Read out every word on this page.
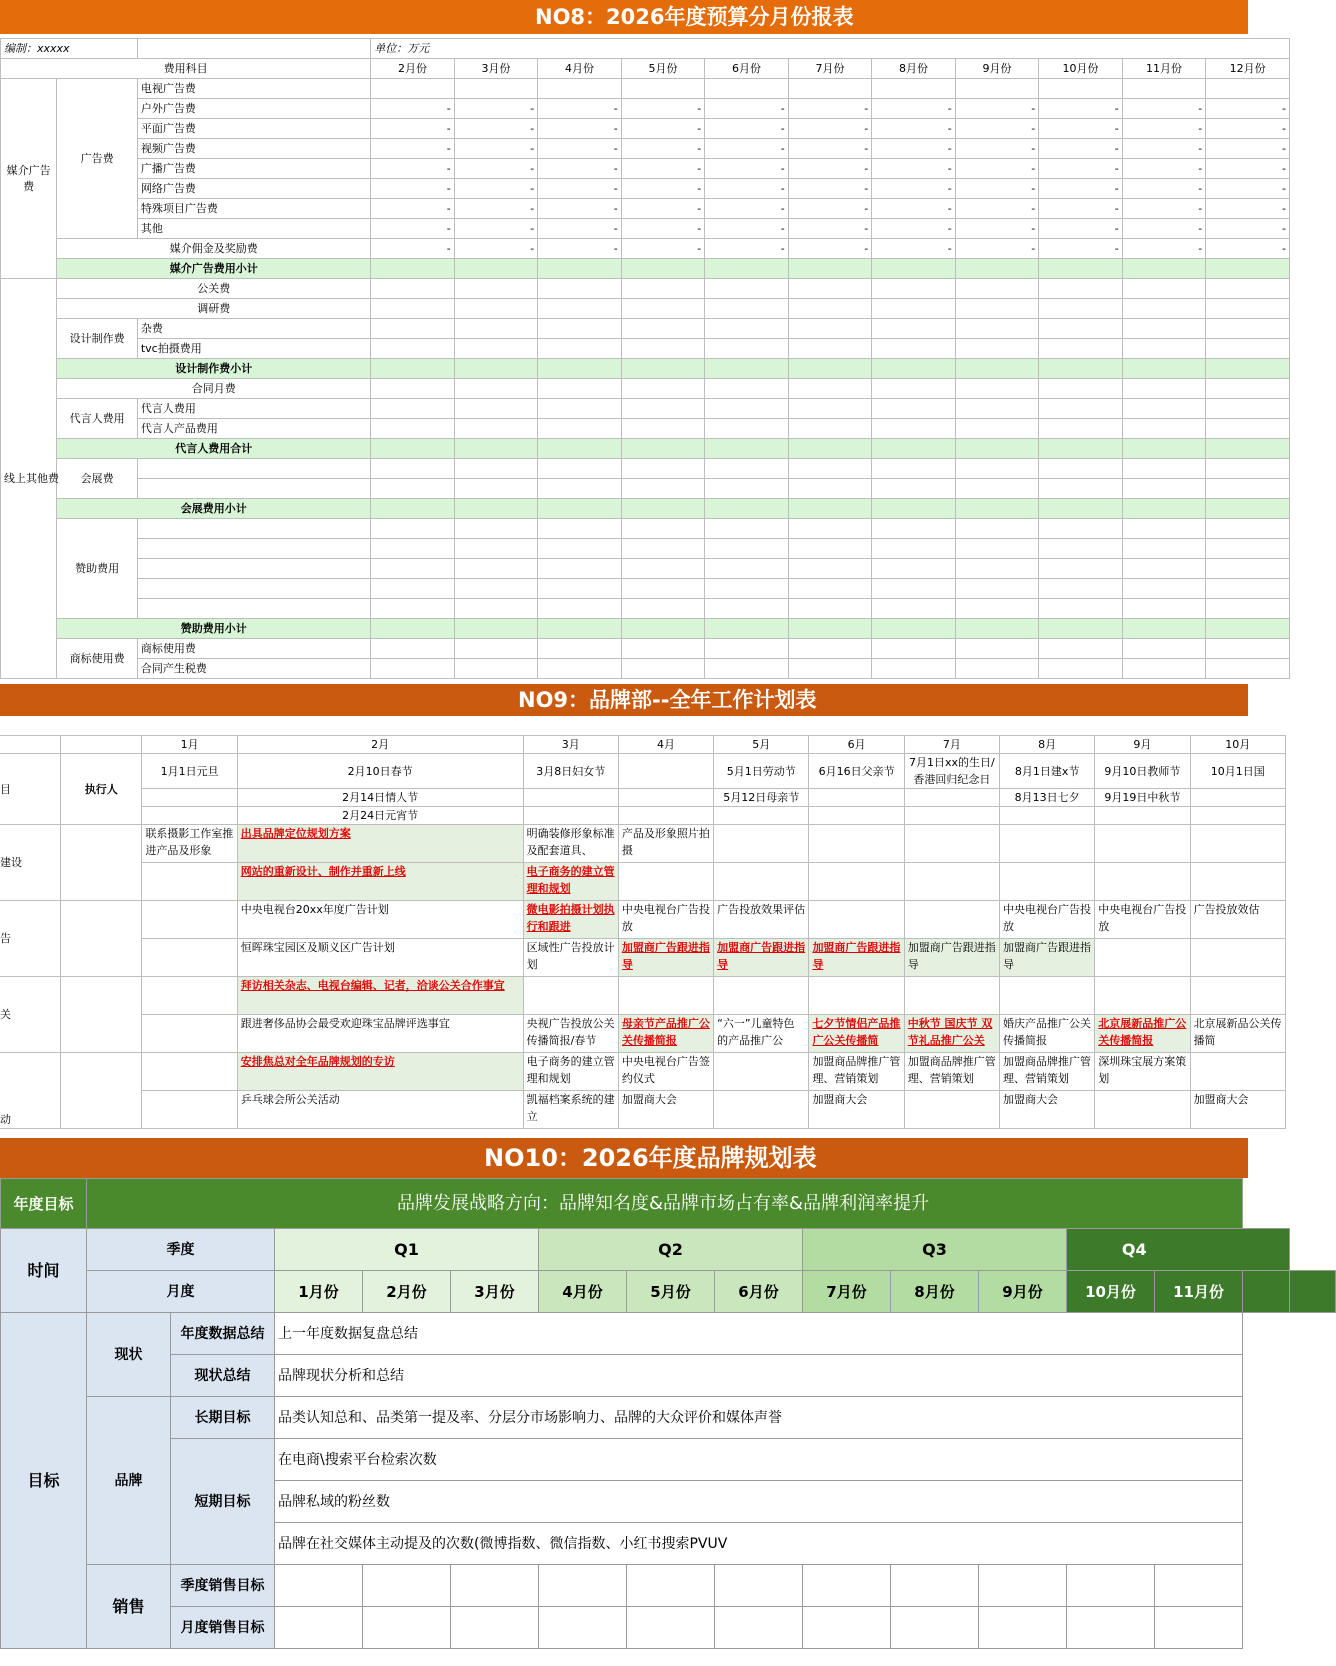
NO8：2026年度预算分月份报表
编制：xxxxx			单位：万元										
费用科目			2月份	3月份	4月份	5月份	6月份	7月份	8月份	9月份	10月份	11月份	12月份
媒介广告费	广告费	电视广告费											
		户外广告费	-	-	-	-	-	-	-	-	-	-	-
		平面广告费	-	-	-	-	-	-	-	-	-	-	-
		视频广告费	-	-	-	-	-	-	-	-	-	-	-
		广播广告费	-	-	-	-	-	-	-	-	-	-	-
		网络广告费	-	-	-	-	-	-	-	-	-	-	-
		特殊项目广告费	-	-	-	-	-	-	-	-	-	-	-
		其他	-	-	-	-	-	-	-	-	-	-	-
	媒介佣金及奖励费		-	-	-	-	-	-	-	-	-	-	-
	媒介广告费用小计												
线上其他费	公关费												
	调研费												
	设计制作费	杂费											
		tvc拍摄费用											
	设计制作费小计												
	合同月费												
	代言人费用	代言人费用											
		代言人产品费用											
	代言人费用合计												
	会展费												

	会展费用小计												
	赞助费用												

	赞助费用小计												
	商标使用费	商标使用费											
		合同产生税费											
NO9：品牌部--全年工作计划表
		1月	2月	3月	4月	5月	6月	7月	8月	9月	10月
目	执行人	1月1日元旦	2月10日春节	3月8日妇女节		5月1日劳动节	6月16日父亲节	7月1日xx的生日/香港回归纪念日	8月1日建x节	9月10日教师节	10月1日国
			2月14日情人节			5月12日母亲节			8月13日七夕	9月19日中秋节	
			2月24日元宵节								
建设		联系摄影工作室推进产品及形象	出具品牌定位规划方案	明确装修形象标准及配套道具、	产品及形象照片拍摄						
			网站的重新设计、制作并重新上线	电子商务的建立管理和规划							
告			中央电视台20xx年度广告计划	微电影拍摄计划执行和跟进	中央电视台广告投放	广告投放效果评估			中央电视台广告投放	中央电视台广告投放	广告投放效估
			恒晖珠宝园区及顺义区广告计划	区域性广告投放计划	加盟商广告跟进指导	加盟商广告跟进指导	加盟商广告跟进指导	加盟商广告跟进指导	加盟商广告跟进指导		
关			拜访相关杂志、电视台编辑、记者，洽谈公关合作事宜								
			跟进奢侈品协会最受欢迎珠宝品牌评选事宜	央视广告投放公关传播简报/春节	母亲节产品推广公关传播简报	“六一”儿童特色的产品推广公	七夕节情侣产品推广公关传播简	中秋节 国庆节 双节礼品推广公关	婚庆产品推广公关传播简报	北京展新品推广公关传播简报	北京展新品公关传播简
动			安排焦总对全年品牌规划的专访	电子商务的建立管理和规划	中央电视台广告签约仪式		加盟商品牌推广管理、营销策划	加盟商品牌推广管理、营销策划	加盟商品牌推广管理、营销策划	深圳珠宝展方案策划	
			乒乓球会所公关活动	凯福档案系统的建立	加盟商大会		加盟商大会		加盟商大会		加盟商大会
NO10：2026年度品牌规划表
年度目标	品牌发展战略方向：品牌知名度&品牌市场占有率&品牌利润率提升														
时间	季度		Q1			Q2			Q3			Q4			
	月度		1月份	2月份	3月份	4月份	5月份	6月份	7月份	8月份	9月份	10月份	11月份		
目标	现状	年度数据总结	上一年度数据复盘总结												
		现状总结	品牌现状分析和总结												
	品牌	长期目标	品类认知总和、品类第一提及率、分层分市场影响力、品牌的大众评价和媒体声誉												
		短期目标	在电商\搜索平台检索次数												
			品牌私域的粉丝数												
			品牌在社交媒体主动提及的次数(微博指数、微信指数、小红书搜索PVUV												
	销售	季度销售目标													
		月度销售目标													
